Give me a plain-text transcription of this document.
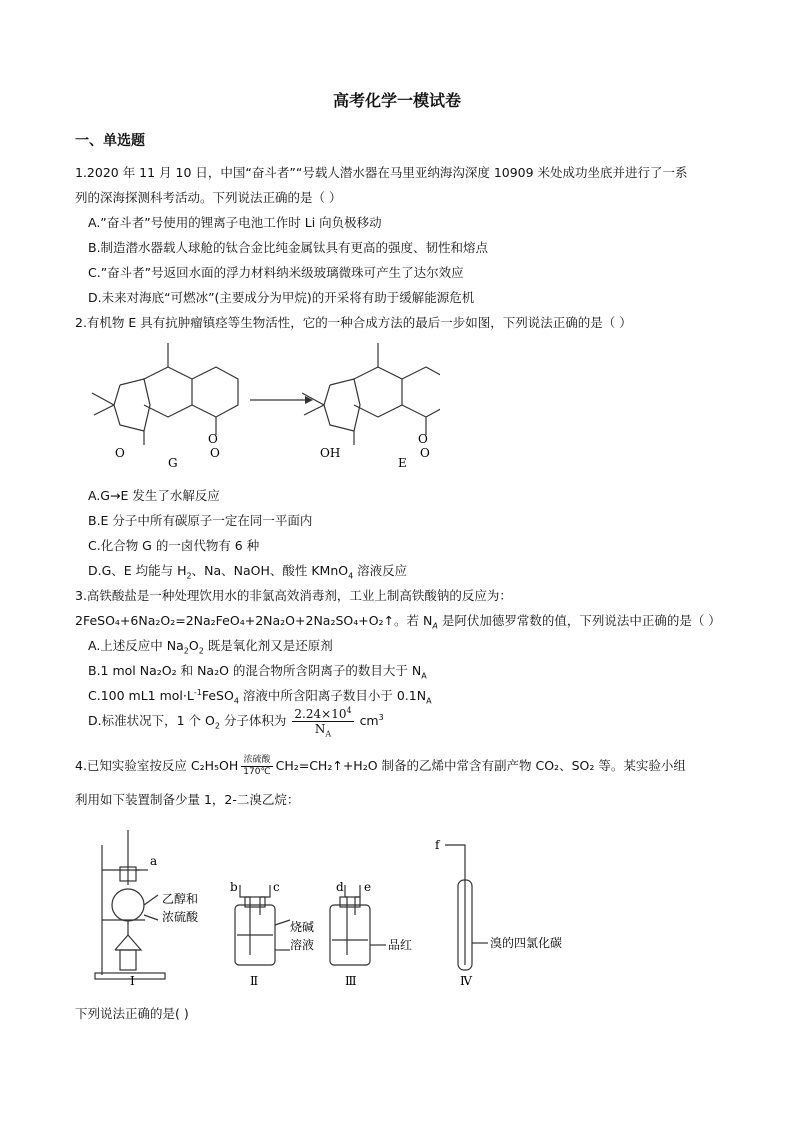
高考化学一模试卷
一、单选题
1.2020 年 11 月 10 日，中国“奋斗者”“号载人潜水器在马里亚纳海沟深度 10909 米处成功坐底并进行了一系
列的深海探测科考活动。下列说法正确的是（ ）
A.”奋斗者”号使用的锂离子电池工作时 Li 向负极移动
B.制造潜水器载人球舱的钛合金比纯金属钛具有更高的强度、韧性和熔点
C.”奋斗者”号返回水面的浮力材料纳米级玻璃微珠可产生了达尔效应
D.未来对海底“可燃冰”(主要成分为甲烷)的开采将有助于缓解能源危机
2.有机物 E 具有抗肿瘤镇痉等生物活性，它的一种合成方法的最后一步如图，下列说法正确的是（ ）
O
O
O
G
O
OH	O
E
A.G→E 发生了水解反应
B.E 分子中所有碳原子一定在同一平面内
C.化合物 G 的一卤代物有 6 种
D.G、E 均能与 $H_2$、Na、NaOH、酸性 KMnO$_4$ 溶液反应
3.高铁酸盐是一种处理饮用水的非氯高效消毒剂，工业上制高铁酸钠的反应为：
2FeSO₄+6Na₂O₂=2Na₂FeO₄+2Na₂O+2Na₂SO₄+O₂↑。若 $N_A$ 是阿伏加德罗常数的值，下列说法中正确的是（ ）
A.上述反应中 $Na_2O_2$ 既是氧化剂又是还原剂
B.1 mol Na₂O₂ 和 Na₂O 的混合物所含阴离子的数目大于 $N_A$
C.100 mL1 $mol\cdot L^{-1}FeSO_4$ 溶液中所含阳离子数目小于 $0.1N_A$
D.标准状况下，1 个 $O_2$ 分子体积为 $\frac{2.24\times 10^4}{N_A} cm^3$
4.已知实验室按反应 C₂H₅OH 浓硫酸
170℃ CH₂=CH₂↑+H₂O 制备的乙烯中常含有副产物 CO₂、SO₂ 等。某实验小组
利用如下装置制备少量 1，2-二溴乙烷：
a
乙醇和
浓硫酸
b	c
烧碱
溶液
d e
品红
f
溴的四氯化碳
Ⅰ	Ⅱ	Ⅲ	Ⅳ
下列说法正确的是( )
